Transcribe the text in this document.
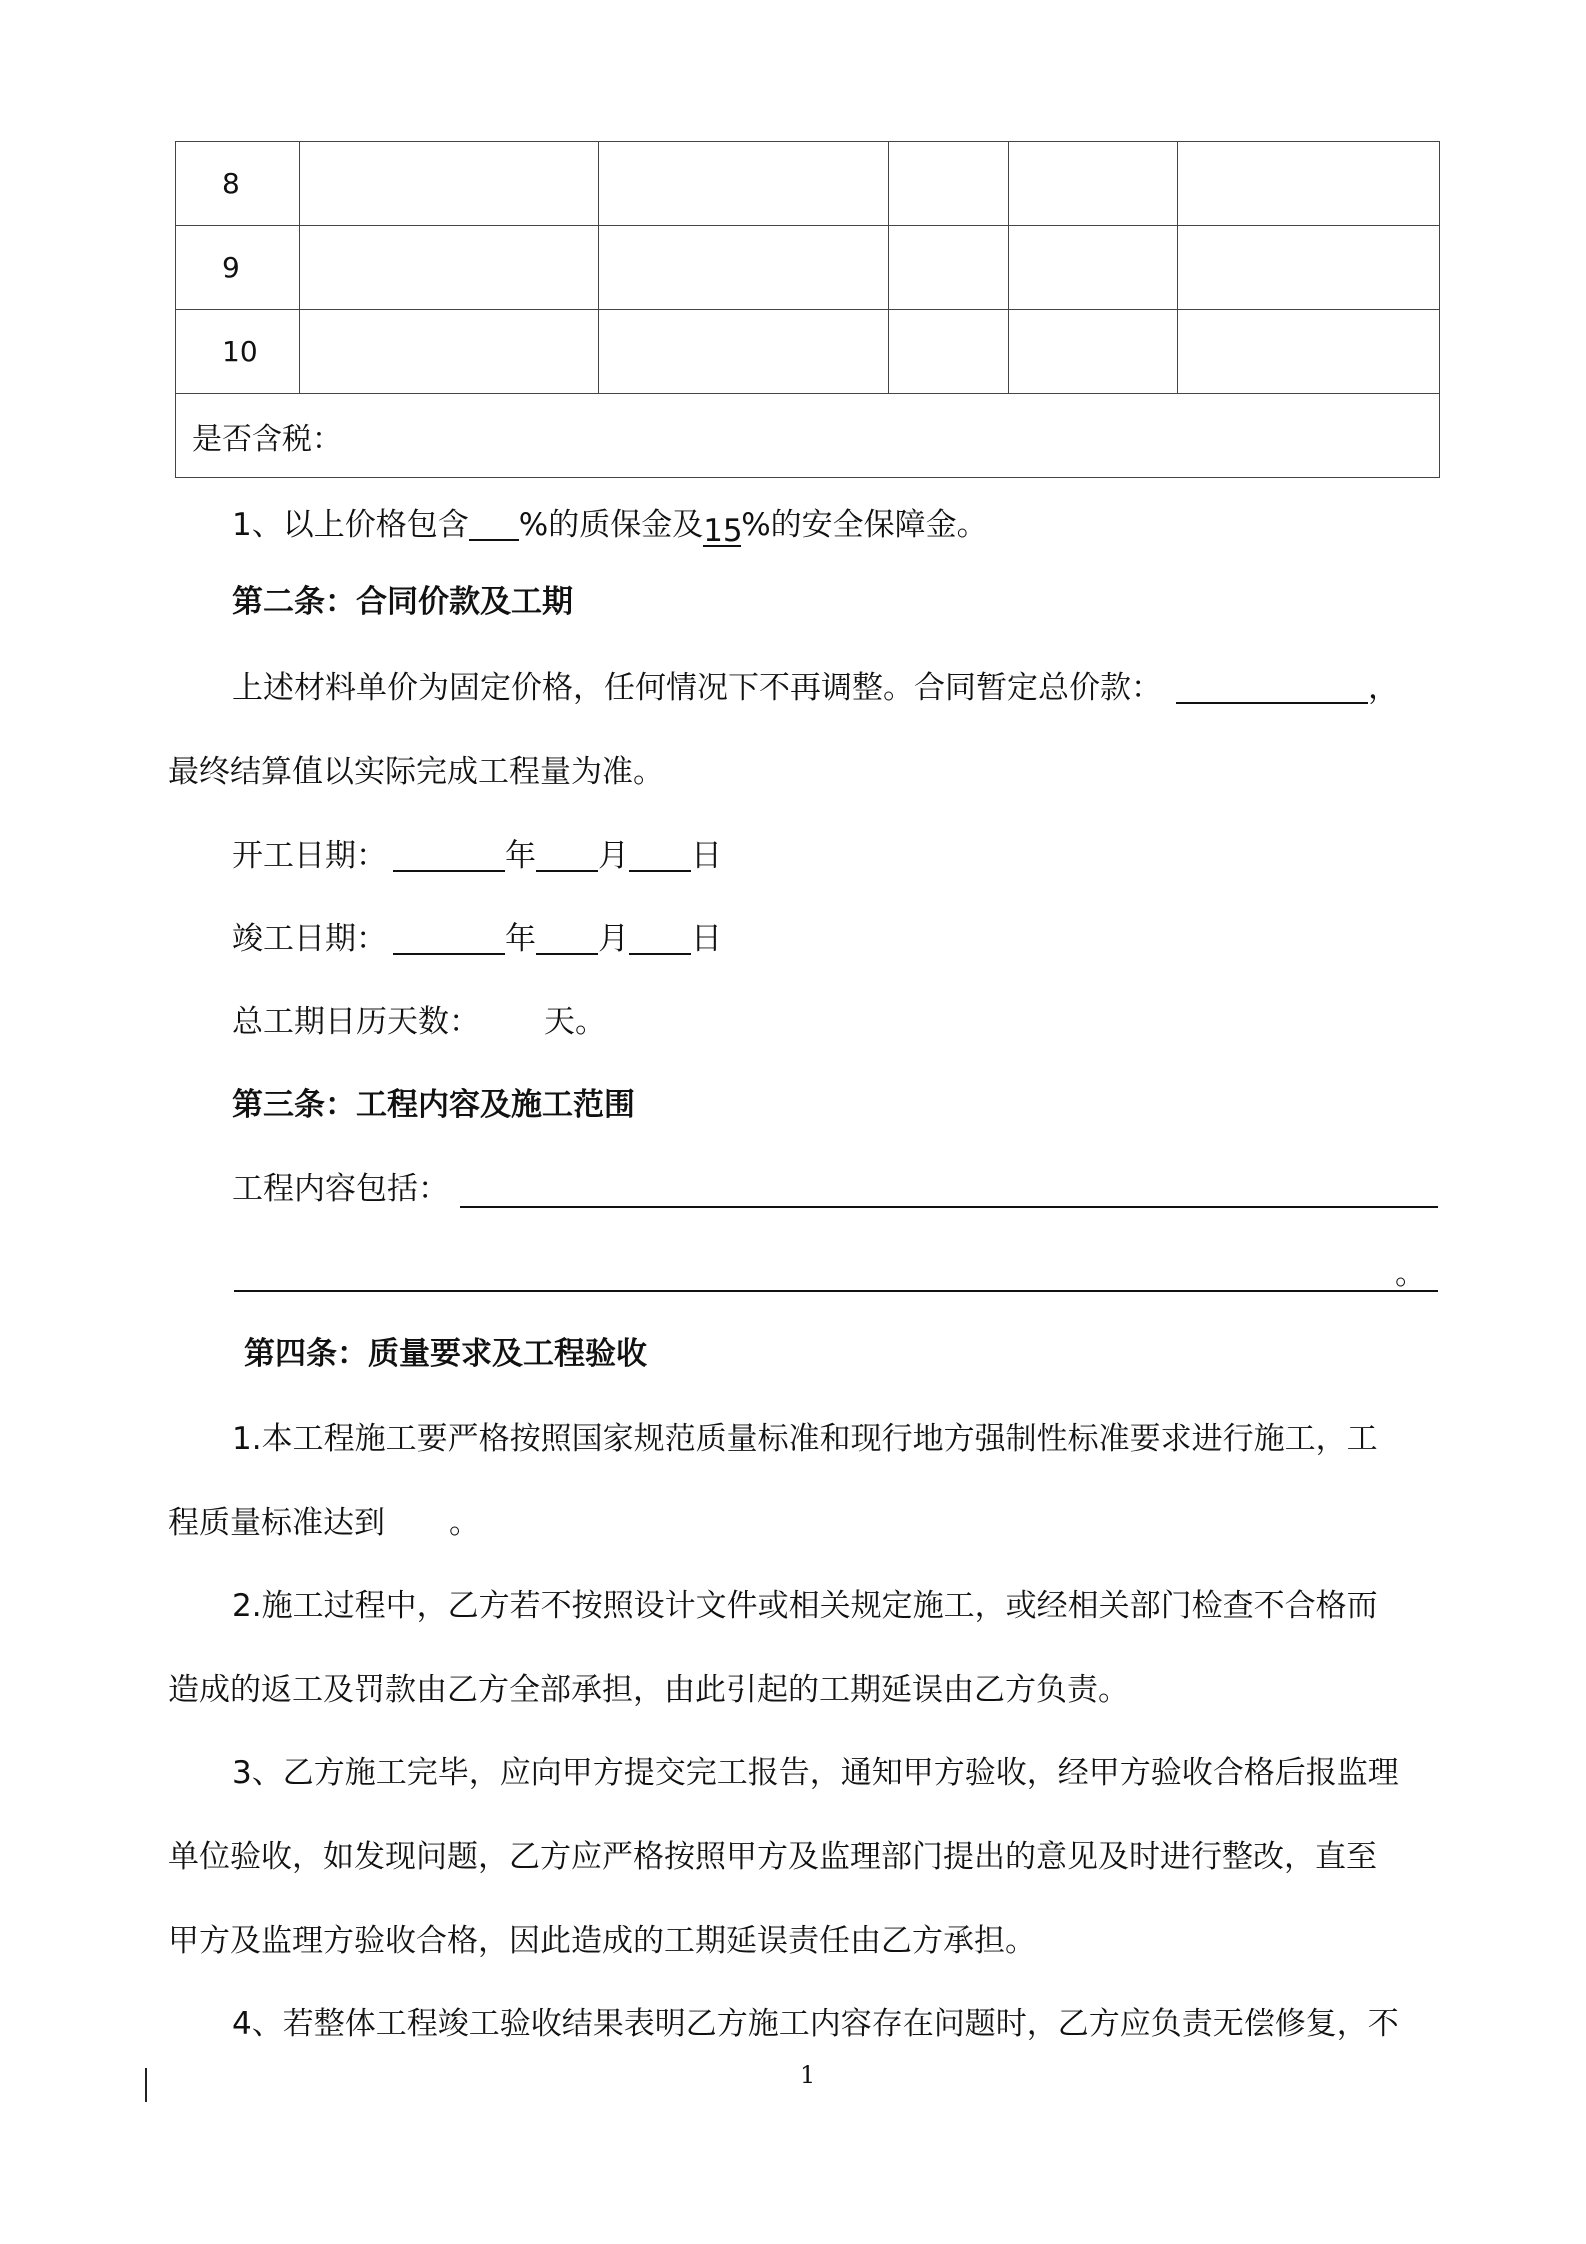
8					
9					
10					
是否含税：					
1、以上价格包含 %的质保金及15%的安全保障金。
第二条：合同价款及工期
上述材料单价为固定价格，任何情况下不再调整。合同暂定总价款：	，
最终结算值以实际完成工程量为准。
开工日期：	年 月 日
竣工日期：	年 月 日
总工期日历天数： 天。
第三条：工程内容及施工范围
工程内容包括：
。
第四条：质量要求及工程验收
1.本工程施工要严格按照国家规范质量标准和现行地方强制性标准要求进行施工，工
程质量标准达到 。
2.施工过程中，乙方若不按照设计文件或相关规定施工，或经相关部门检查不合格而
造成的返工及罚款由乙方全部承担，由此引起的工期延误由乙方负责。
3、乙方施工完毕，应向甲方提交完工报告，通知甲方验收，经甲方验收合格后报监理
单位验收，如发现问题，乙方应严格按照甲方及监理部门提出的意见及时进行整改，直至
甲方及监理方验收合格，因此造成的工期延误责任由乙方承担。
4、若整体工程竣工验收结果表明乙方施工内容存在问题时，乙方应负责无偿修复，不
1
